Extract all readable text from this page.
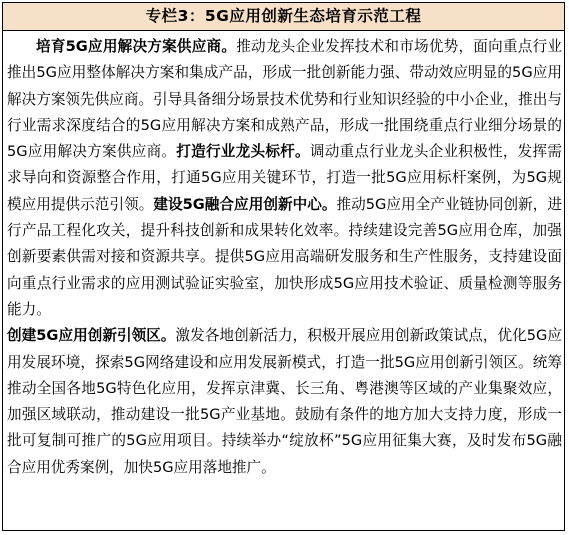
专栏3：5G应用创新生态培育示范工程

培育5G应用解决方案供应商。推动龙头企业发挥技术和市场优势，面向重点行业推出5G应用整体解决方案和集成产品，形成一批创新能力强、带动效应明显的5G应用解决方案领先供应商。引导具备细分场景技术优势和行业知识经验的中小企业，推出与行业需求深度结合的5G应用解决方案和成熟产品，形成一批围绕重点行业细分场景的5G应用解决方案供应商。打造行业龙头标杆。调动重点行业龙头企业积极性，发挥需求导向和资源整合作用，打通5G应用关键环节，打造一批5G应用标杆案例，为5G规模应用提供示范引领。建设5G融合应用创新中心。推动5G应用全产业链协同创新，进行产品工程化攻关，提升科技创新和成果转化效率。持续建设完善5G应用仓库，加强创新要素供需对接和资源共享。提供5G应用高端研发服务和生产性服务，支持建设面向重点行业需求的应用测试验证实验室，加快形成5G应用技术验证、质量检测等服务能力。

创建5G应用创新引领区。激发各地创新活力，积极开展应用创新政策试点，优化5G应用发展环境，探索5G网络建设和应用发展新模式，打造一批5G应用创新引领区。统筹推动全国各地5G特色化应用，发挥京津冀、长三角、粤港澳等区域的产业集聚效应，加强区域联动，推动建设一批5G产业基地。鼓励有条件的地方加大支持力度，形成一批可复制可推广的5G应用项目。持续举办“绽放杯”5G应用征集大赛，及时发布5G融合应用优秀案例，加快5G应用落地推广。
